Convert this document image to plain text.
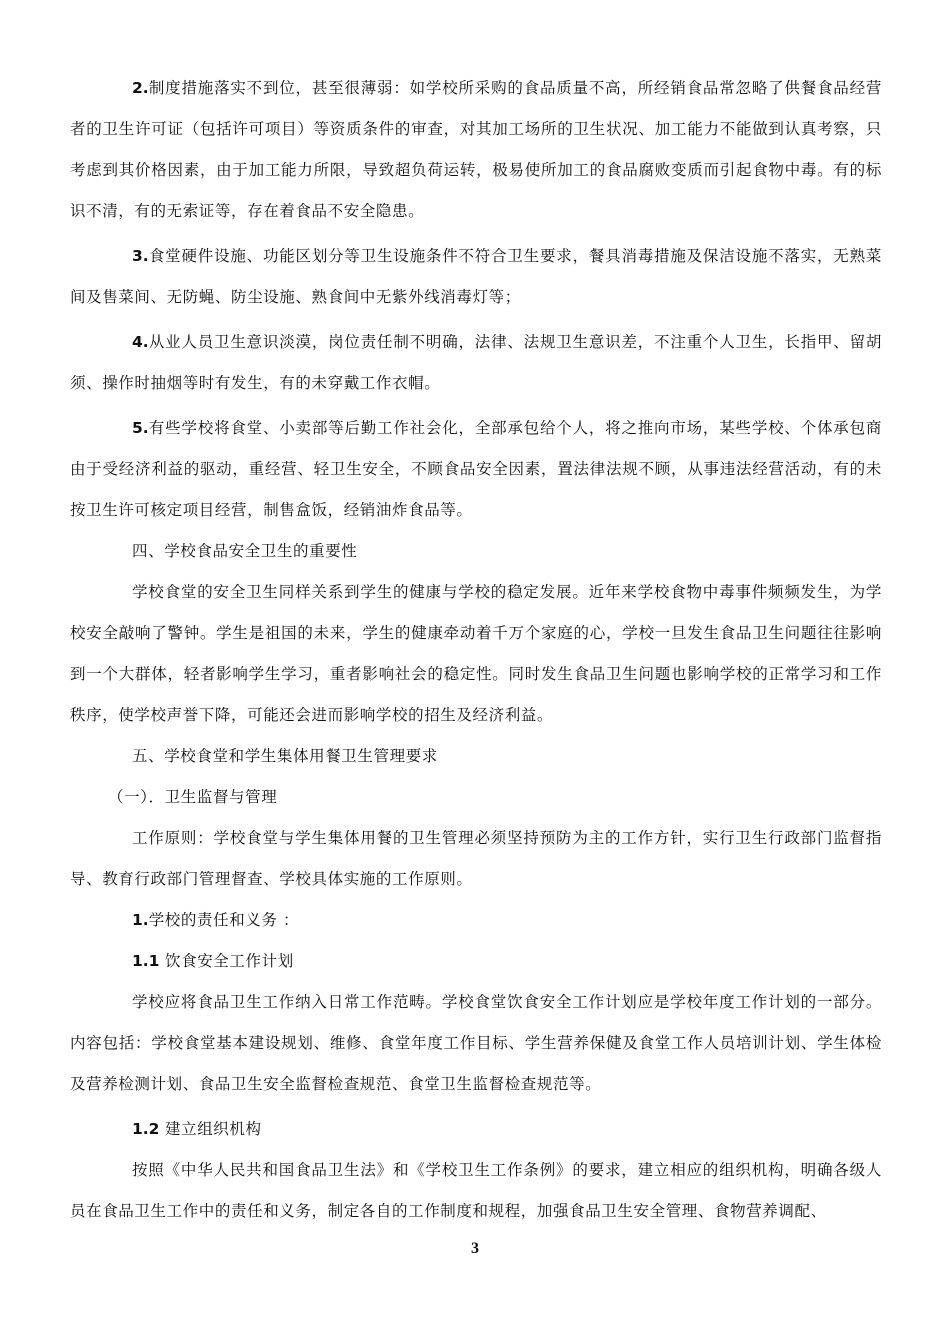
2.制度措施落实不到位，甚至很薄弱：如学校所采购的食品质量不高，所经销食品常忽略了供餐食品经营者的卫生许可证（包括许可项目）等资质条件的审查，对其加工场所的卫生状况、加工能力不能做到认真考察，只考虑到其价格因素，由于加工能力所限，导致超负荷运转，极易使所加工的食品腐败变质而引起食物中毒。有的标识不清，有的无索证等，存在着食品不安全隐患。

3.食堂硬件设施、功能区划分等卫生设施条件不符合卫生要求，餐具消毒措施及保洁设施不落实，无熟菜间及售菜间、无防蝇、防尘设施、熟食间中无紫外线消毒灯等；

4.从业人员卫生意识淡漠，岗位责任制不明确，法律、法规卫生意识差，不注重个人卫生，长指甲、留胡须、操作时抽烟等时有发生，有的未穿戴工作衣帽。

5.有些学校将食堂、小卖部等后勤工作社会化，全部承包给个人，将之推向市场，某些学校、个体承包商由于受经济利益的驱动，重经营、轻卫生安全，不顾食品安全因素，置法律法规不顾，从事违法经营活动，有的未按卫生许可核定项目经营，制售盒饭，经销油炸食品等。

四、学校食品安全卫生的重要性

学校食堂的安全卫生同样关系到学生的健康与学校的稳定发展。近年来学校食物中毒事件频频发生，为学校安全敲响了警钟。学生是祖国的未来，学生的健康牵动着千万个家庭的心，学校一旦发生食品卫生问题往往影响到一个大群体，轻者影响学生学习，重者影响社会的稳定性。同时发生食品卫生问题也影响学校的正常学习和工作秩序，使学校声誉下降，可能还会进而影响学校的招生及经济利益。

五、学校食堂和学生集体用餐卫生管理要求

（一）．卫生监督与管理

工作原则：学校食堂与学生集体用餐的卫生管理必须坚持预防为主的工作方针，实行卫生行政部门监督指导、教育行政部门管理督查、学校具体实施的工作原则。

1.学校的责任和义务 ：

1.1 饮食安全工作计划

学校应将食品卫生工作纳入日常工作范畴。学校食堂饮食安全工作计划应是学校年度工作计划的一部分。内容包括：学校食堂基本建设规划、维修、食堂年度工作目标、学生营养保健及食堂工作人员培训计划、学生体检及营养检测计划、食品卫生安全监督检查规范、食堂卫生监督检查规范等。

1.2 建立组织机构

按照《中华人民共和国食品卫生法》和《学校卫生工作条例》的要求，建立相应的组织机构，明确各级人员在食品卫生工作中的责任和义务，制定各自的工作制度和规程，加强食品卫生安全管理、食物营养调配、

3
